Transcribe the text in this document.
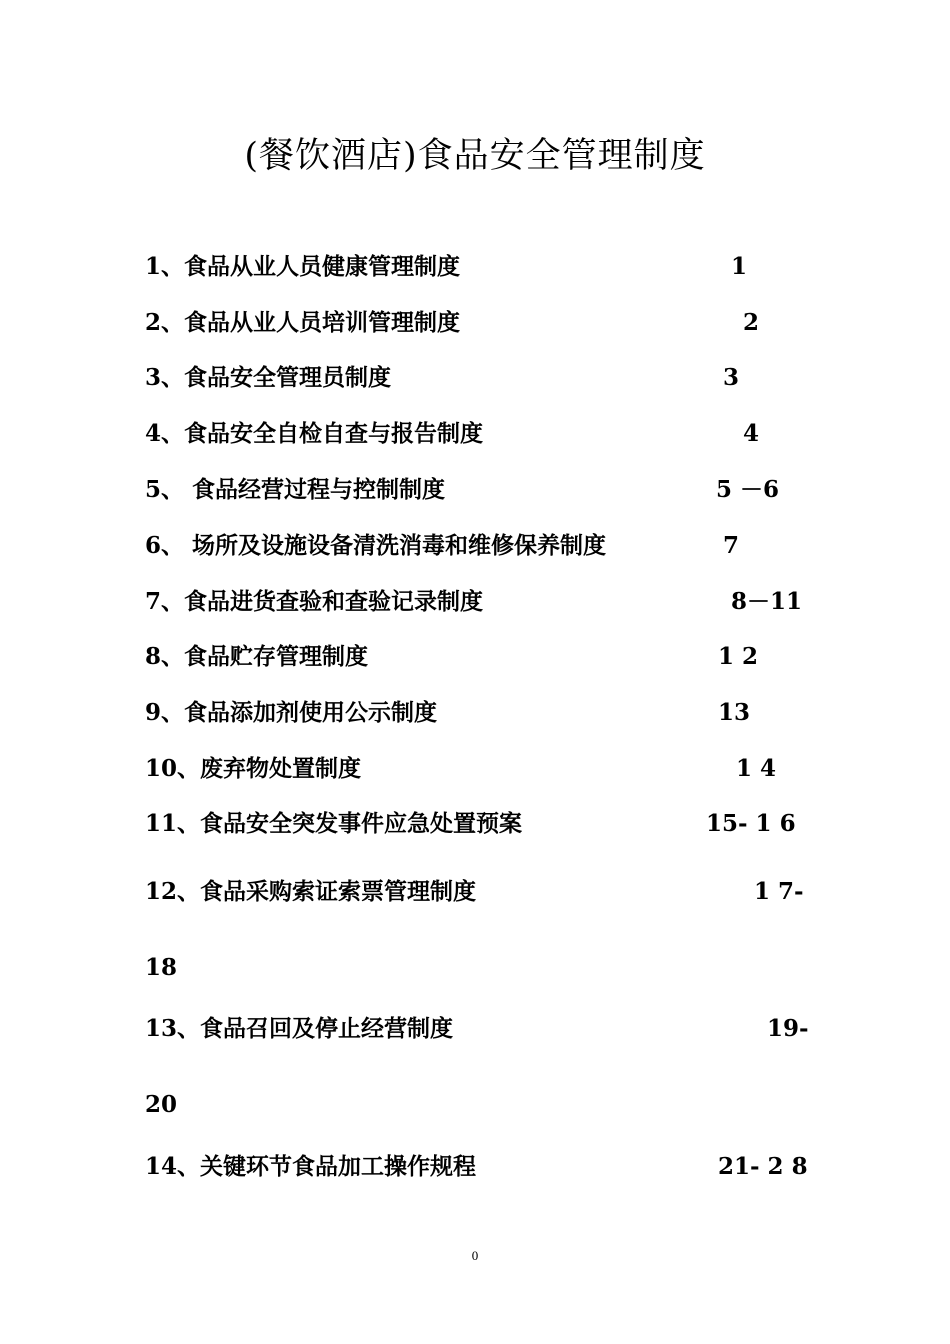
(餐饮酒店)食品安全管理制度
1、食品从业人员健康管理制度	1
2、食品从业人员培训管理制度	2
3、食品安全管理员制度	3
4、食品安全自检自查与报告制度	4
5、 食品经营过程与控制制度	5 －6
6、 场所及设施设备清洗消毒和维修保养制度	7
7、食品进货查验和查验记录制度	8－11
8、食品贮存管理制度	1 2
9、食品添加剂使用公示制度	13
10、废弃物处置制度	1 4
11、食品安全突发事件应急处置预案	15- 1 6
12、食品采购索证索票管理制度	1 7-
18
13、食品召回及停止经营制度	19-
20
14、关键环节食品加工操作规程	21- 2 8
0
